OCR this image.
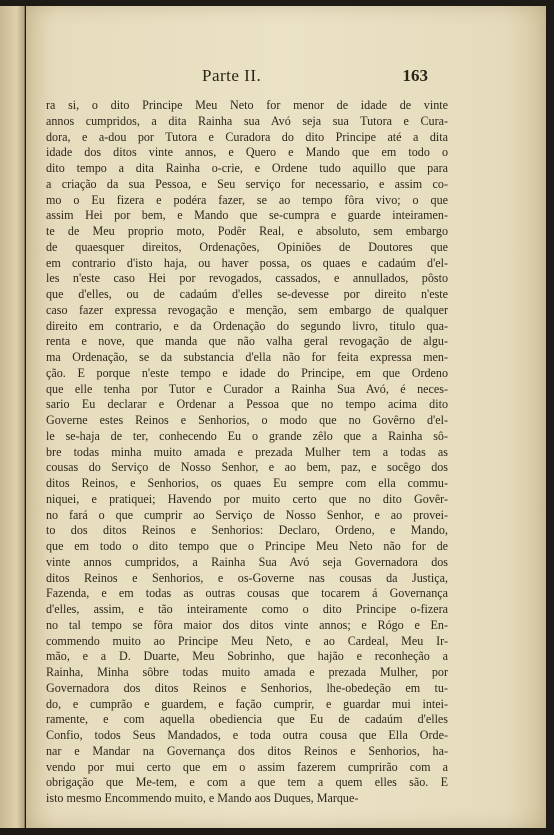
Parte II.	163
ra si, o dito Principe Meu Neto for menor de idade de vinte
annos cumpridos, a dita Rainha sua Avó seja sua Tutora e Cura-
dora, e a-dou por Tutora e Curadora do dito Principe até a dita
idade dos ditos vinte annos, e Quero e Mando que em todo o
dito tempo a dita Rainha o-crie, e Ordene tudo aquillo que para
a criação da sua Pessoa, e Seu serviço for necessario, e assim co-
mo o Eu fizera e podéra fazer, se ao tempo fôra vivo; o que
assim Hei por bem, e Mando que se-cumpra e guarde inteiramen-
te de Meu proprio moto, Podêr Real, e absoluto, sem embargo
de quaesquer direitos, Ordenações, Opiniões de Doutores que
em contrario d'isto haja, ou haver possa, os quaes e cadaúm d'el-
les n'este caso Hei por revogados, cassados, e annullados, pôsto
que d'elles, ou de cadaúm d'elles se-devesse por direito n'este
caso fazer expressa revogação e menção, sem embargo de qualquer
direito em contrario, e da Ordenação do segundo livro, titulo qua-
renta e nove, que manda que não valha geral revogação de algu-
ma Ordenação, se da substancia d'ella não for feita expressa men-
ção. E porque n'este tempo e idade do Principe, em que Ordeno
que elle tenha por Tutor e Curador a Rainha Sua Avó, é neces-
sario Eu declarar e Ordenar a Pessoa que no tempo acima dito
Governe estes Reinos e Senhorios, o modo que no Govêrno d'el-
le se-haja de ter, conhecendo Eu o grande zêlo que a Rainha sô-
bre todas minha muito amada e prezada Mulher tem a todas as
cousas do Serviço de Nosso Senhor, e ao bem, paz, e socêgo dos
ditos Reinos, e Senhorios, os quaes Eu sempre com ella commu-
niquei, e pratiquei; Havendo por muito certo que no dito Govêr-
no fará o que cumprir ao Serviço de Nosso Senhor, e ao provei-
to dos ditos Reinos e Senhorios: Declaro, Ordeno, e Mando,
que em todo o dito tempo que o Principe Meu Neto não for de
vinte annos cumpridos, a Rainha Sua Avó seja Governadora dos
ditos Reinos e Senhorios, e os-Governe nas cousas da Justiça,
Fazenda, e em todas as outras cousas que tocarem á Governança
d'elles, assim, e tão inteiramente como o dito Principe o-fizera
no tal tempo se fôra maior dos ditos vinte annos; e Rógo e En-
commendo muito ao Principe Meu Neto, e ao Cardeal, Meu Ir-
mão, e a D. Duarte, Meu Sobrinho, que hajão e reconheção a
Rainha, Minha sôbre todas muito amada e prezada Mulher, por
Governadora dos ditos Reinos e Senhorios, lhe-obedeção em tu-
do, e cumprão e guardem, e fação cumprir, e guardar mui intei-
ramente, e com aquella obediencia que Eu de cadaúm d'elles
Confio, todos Seus Mandados, e toda outra cousa que Ella Orde-
nar e Mandar na Governança dos ditos Reinos e Senhorios, ha-
vendo por mui certo que em o assim fazerem cumprirão com a
obrigação que Me-tem, e com a que tem a quem elles são. E
isto mesmo Encommendo muito, e Mando aos Duques, Marque-
